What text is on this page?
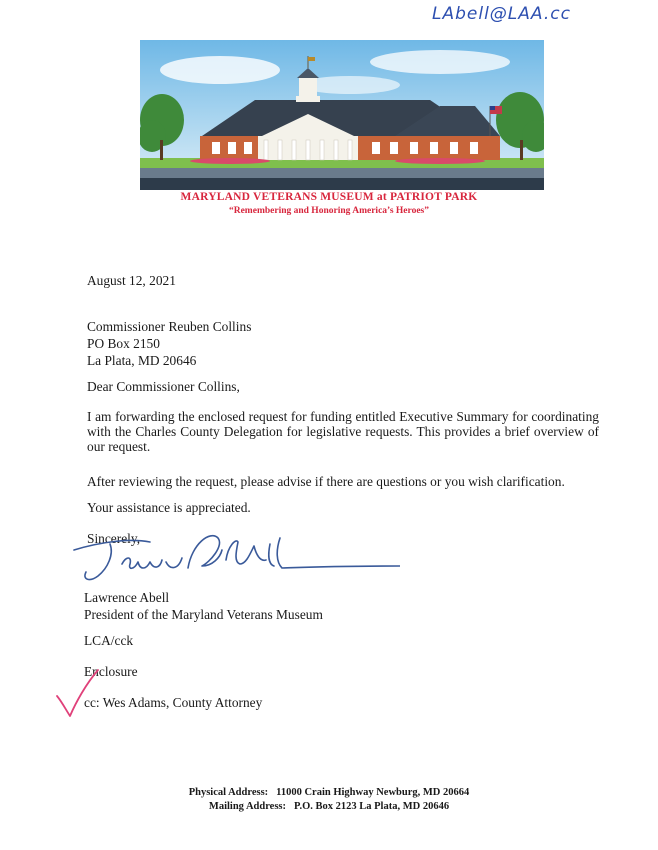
LAbell@LAA.cc
MARYLAND VETERANS MUSEUM at PATRIOT PARK
“Remembering and Honoring America’s Heroes”
August 12, 2021
Commissioner Reuben Collins
PO Box 2150
La Plata, MD 20646
Dear Commissioner Collins,
I am forwarding the enclosed request for funding entitled Executive Summary for coordinating with the Charles County Delegation for legislative requests. This provides a brief overview of our request.
After reviewing the request, please advise if there are questions or you wish clarification.
Your assistance is appreciated.
Sincerely,
Lawrence Abell
President of the Maryland Veterans Museum
LCA/cck
Enclosure
cc: Wes Adams, County Attorney
Physical Address: 11000 Crain Highway Newburg, MD 20664
Mailing Address: P.O. Box 2123 La Plata, MD 20646
